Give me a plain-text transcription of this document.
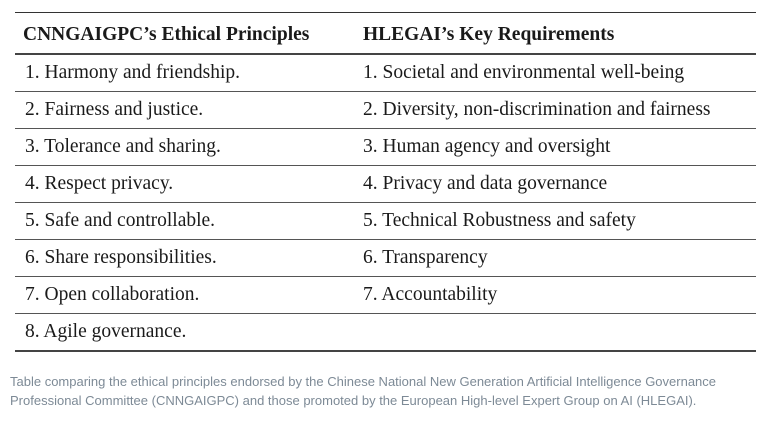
CNNGAIGPC’s Ethical Principles	HLEGAI’s Key Requirements
1. Harmony and friendship.	1. Societal and environmental well-being
2. Fairness and justice.	2. Diversity, non-discrimination and fairness
3. Tolerance and sharing.	3. Human agency and oversight
4. Respect privacy.	4. Privacy and data governance
5. Safe and controllable.	5. Technical Robustness and safety
6. Share responsibilities.	6. Transparency
7. Open collaboration.	7. Accountability
8. Agile governance.	
Table comparing the ethical principles endorsed by the Chinese National New Generation Artificial Intelligence Governance Professional Committee (CNNGAIGPC) and those promoted by the European High-level Expert Group on AI (HLEGAI).
